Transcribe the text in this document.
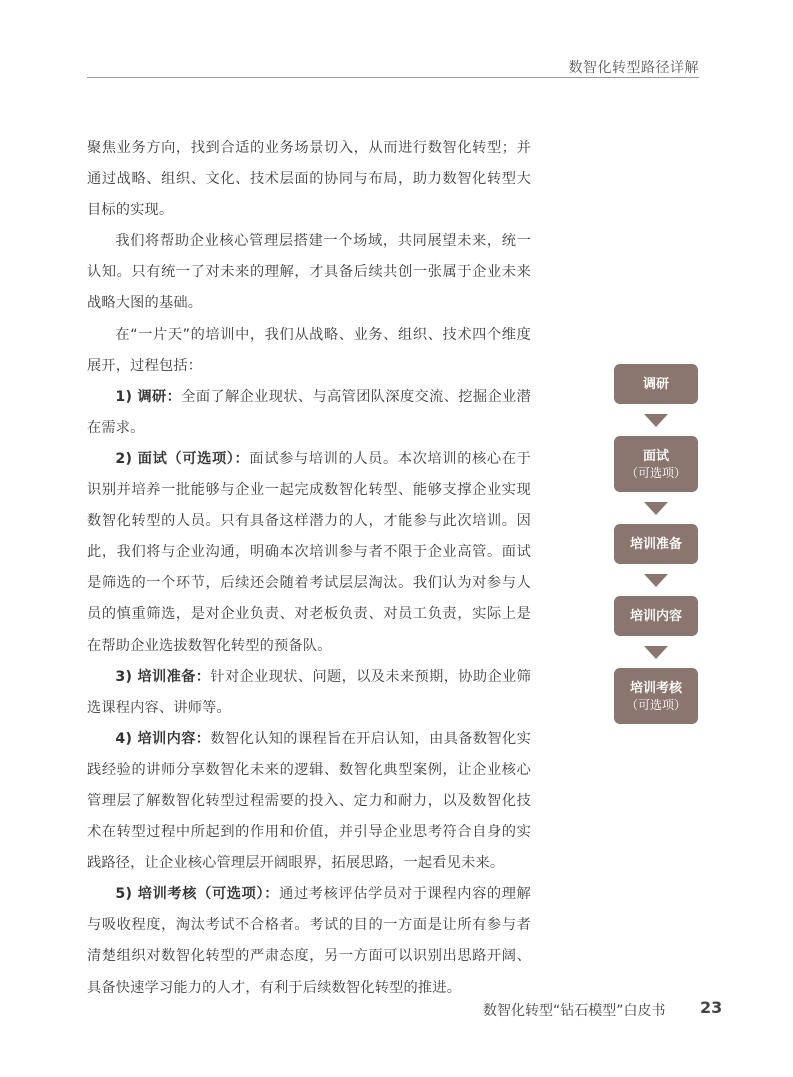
数智化转型路径详解

聚焦业务方向，找到合适的业务场景切入，从而进行数智化转型；并通过战略、组织、文化、技术层面的协同与布局，助力数智化转型大目标的实现。

我们将帮助企业核心管理层搭建一个场域，共同展望未来，统一认知。只有统一了对未来的理解，才具备后续共创一张属于企业未来战略大图的基础。

在“一片天”的培训中，我们从战略、业务、组织、技术四个维度展开，过程包括：

1) 调研：全面了解企业现状、与高管团队深度交流、挖掘企业潜在需求。

2) 面试（可选项）：面试参与培训的人员。本次培训的核心在于识别并培养一批能够与企业一起完成数智化转型、能够支撑企业实现数智化转型的人员。只有具备这样潜力的人，才能参与此次培训。因此，我们将与企业沟通，明确本次培训参与者不限于企业高管。面试是筛选的一个环节，后续还会随着考试层层淘汰。我们认为对参与人员的慎重筛选，是对企业负责、对老板负责、对员工负责，实际上是在帮助企业选拔数智化转型的预备队。

3) 培训准备：针对企业现状、问题，以及未来预期，协助企业筛选课程内容、讲师等。

4) 培训内容：数智化认知的课程旨在开启认知，由具备数智化实践经验的讲师分享数智化未来的逻辑、数智化典型案例，让企业核心管理层了解数智化转型过程需要的投入、定力和耐力，以及数智化技术在转型过程中所起到的作用和价值，并引导企业思考符合自身的实践路径，让企业核心管理层开阔眼界，拓展思路，一起看见未来。

5) 培训考核（可选项）：通过考核评估学员对于课程内容的理解与吸收程度，淘汰考试不合格者。考试的目的一方面是让所有参与者清楚组织对数智化转型的严肃态度，另一方面可以识别出思路开阔、具备快速学习能力的人才，有利于后续数智化转型的推进。

调研
面试
（可选项）
培训准备
培训内容
培训考核
（可选项）
数智化转型“钻石模型”白皮书 23
